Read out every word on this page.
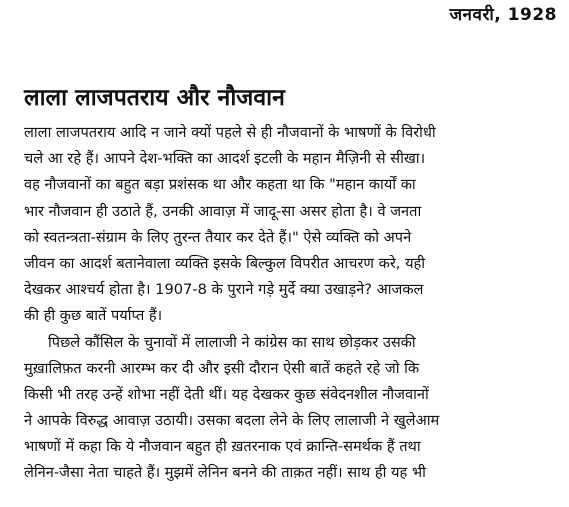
जनवरी, 1928
लाला लाजपतराय और नौजवान
लाला लाजपतराय आदि न जाने क्यों पहले से ही नौजवानों के भाषणों के विरोधी
चले आ रहे हैं। आपने देश-भक्ति का आदर्श इटली के महान मैज़िनी से सीखा।
वह नौजवानों का बहुत बड़ा प्रशंसक था और कहता था कि "महान कार्यों का
भार नौजवान ही उठाते हैं, उनकी आवाज़ में जादू-सा असर होता है। वे जनता
को स्वतन्त्रता-संग्राम के लिए तुरन्त तैयार कर देते हैं।" ऐसे व्यक्ति को अपने
जीवन का आदर्श बतानेवाला व्यक्ति इसके बिल्कुल विपरीत आचरण करे, यही
देखकर आश्चर्य होता है। 1907-8 के पुराने गड़े मुर्दे क्या उखाड़ने? आजकल
की ही कुछ बातें पर्याप्त हैं।
पिछले कौंसिल के चुनावों में लालाजी ने कांग्रेस का साथ छोड़कर उसकी
मुख़ालिफ़त करनी आरम्भ कर दी और इसी दौरान ऐसी बातें कहते रहे जो कि
किसी भी तरह उन्हें शोभा नहीं देती थीं। यह देखकर कुछ संवेदनशील नौजवानों
ने आपके विरुद्ध आवाज़ उठायी। उसका बदला लेने के लिए लालाजी ने खुलेआम
भाषणों में कहा कि ये नौजवान बहुत ही ख़तरनाक एवं क्रान्ति-समर्थक हैं तथा
लेनिन-जैसा नेता चाहते हैं। मुझमें लेनिन बनने की ताक़त नहीं। साथ ही यह भी
